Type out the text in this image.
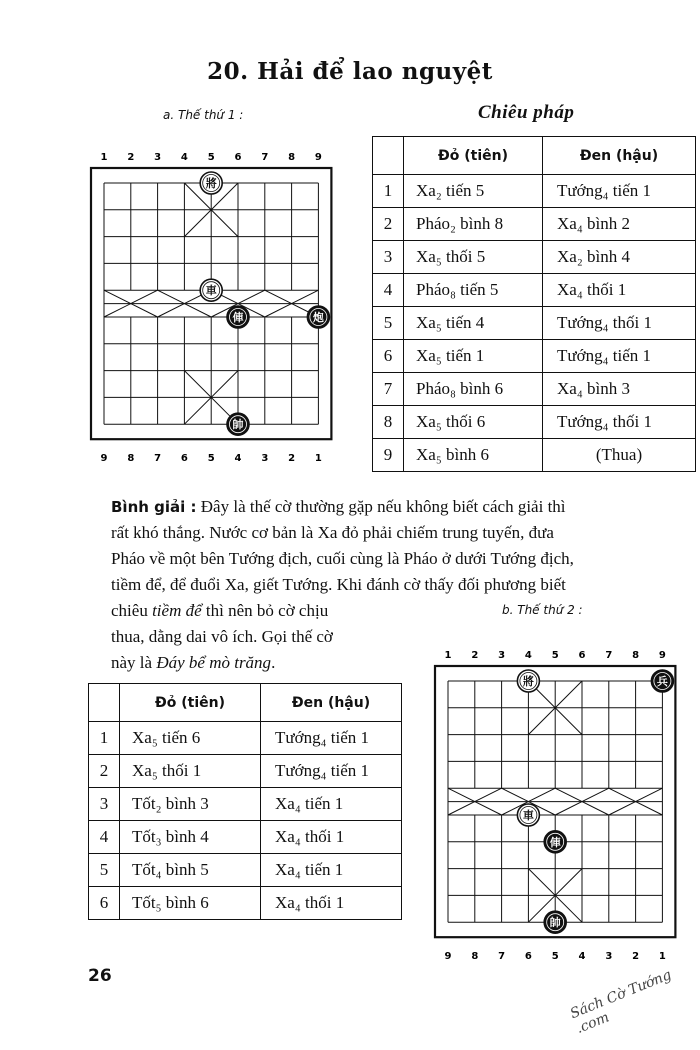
20. Hải để lao nguyệt
a. Thế thứ 1 :
1 2 3 4 5 6 7 8 9
將
車
俥	炮
帥
9 8 7 6 5 4 3 2 1
Chiêu pháp
	Đỏ (tiên)	Đen (hậu)
1	Xa₂ tiến 5	Tướng₄ tiến 1
2	Pháo₂ bình 8	Xa₄ bình 2
3	Xa₅ thối 5	Xa₂ bình 4
4	Pháo₈ tiến 5	Xa₄ thối 1
5	Xa₅ tiến 4	Tướng₄ thối 1
6	Xa₅ tiến 1	Tướng₄ tiến 1
7	Pháo₈ bình 6	Xa₄ bình 3
8	Xa₅ thối 6	Tướng₄ thối 1
9	Xa₅ bình 6	(Thua)
Bình giải : Đây là thế cờ thường gặp nếu không biết cách giải thì
rất khó thắng. Nước cơ bản là Xa đỏ phải chiếm trung tuyến, đưa
Pháo về một bên Tướng địch, cuối cùng là Pháo ở dưới Tướng địch,
tiềm để, để đuổi Xa, giết Tướng. Khi đánh cờ thấy đối phương biết
chiêu tiềm để thì nên bỏ cờ chịu
thua, dằng dai vô ích. Gọi thế cờ
này là Đáy bể mò trăng.
b. Thế thứ 2 :
1 2 3 4 5 6 7 8 9
將	兵
車
俥
帥
9 8 7 6 5 4 3 2 1
	Đỏ (tiên)	Đen (hậu)
1	Xa₅ tiến 6	Tướng₄ tiến 1
2	Xa₅ thối 1	Tướng₄ tiến 1
3	Tốt₂ bình 3	Xa₄ tiến 1
4	Tốt₃ bình 4	Xa₄ thối 1
5	Tốt₄ bình 5	Xa₄ tiến 1
6	Tốt₅ bình 6	Xa₄ thối 1
26	Sách Cờ Tướng .com
